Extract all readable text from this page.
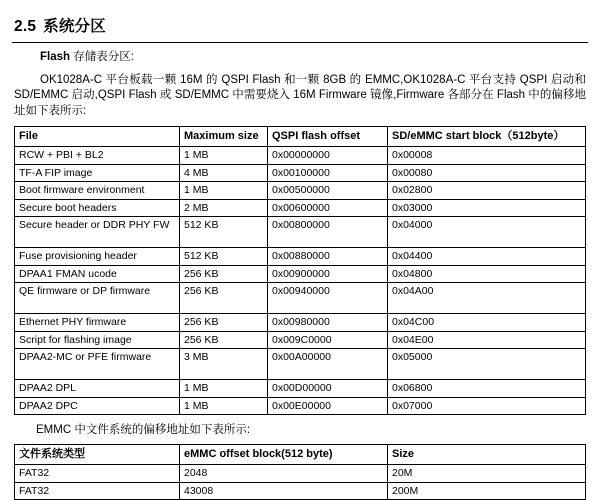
2.5 系统分区
Flash 存储表分区:
OK1028A-C 平台板载一颗 16M 的 QSPI Flash 和一颗 8GB 的 EMMC,OK1028A-C 平台支持 QSPI 启动和 SD/EMMC 启动,QSPI Flash 或 SD/EMMC 中需要烧入 16M Firmware 镜像,Firmware 各部分在 Flash 中的偏移地址如下表所示:
File	Maximum size	QSPI flash offset	SD/eMMC start block（512byte）
RCW + PBI + BL2	1 MB	0x00000000	0x00008
TF-A FIP image	4 MB	0x00100000	0x00080
Boot firmware environment	1 MB	0x00500000	0x02800
Secure boot headers	2 MB	0x00600000	0x03000
Secure header or DDR PHY FW	512 KB	0x00800000	0x04000
Fuse provisioning header	512 KB	0x00880000	0x04400
DPAA1 FMAN ucode	256 KB	0x00900000	0x04800
QE firmware or DP firmware	256 KB	0x00940000	0x04A00
Ethernet PHY firmware	256 KB	0x00980000	0x04C00
Script for flashing image	256 KB	0x009C0000	0x04E00
DPAA2-MC or PFE firmware	3 MB	0x00A00000	0x05000
DPAA2 DPL	1 MB	0x00D00000	0x06800
DPAA2 DPC	1 MB	0x00E00000	0x07000
EMMC 中文件系统的偏移地址如下表所示:
文件系统类型	eMMC offset block(512 byte)	Size
FAT32	2048	20M
FAT32	43008	200M
